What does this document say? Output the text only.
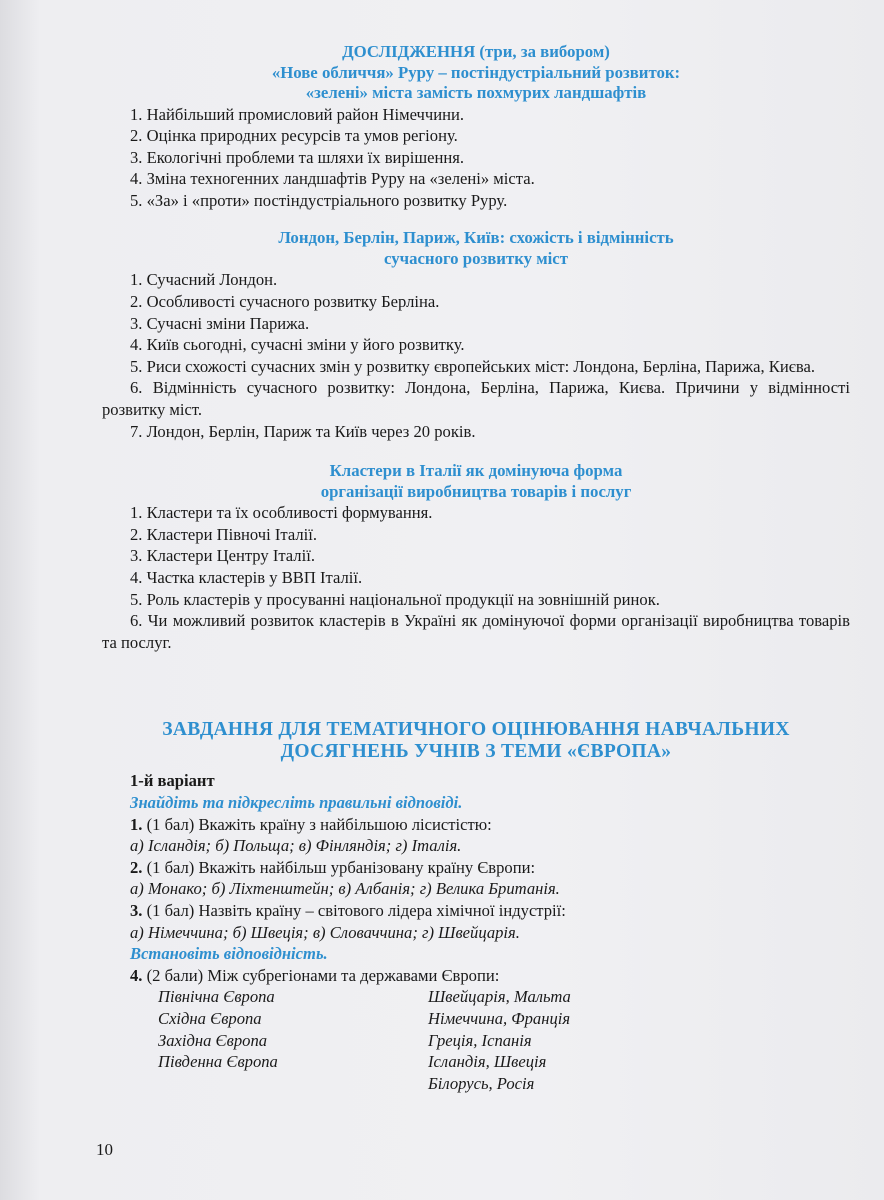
ДОСЛІДЖЕННЯ (три, за вибором)
«Нове обличчя» Руру – постіндустріальний розвиток:
«зелені» міста замість похмурих ландшафтів
1. Найбільший промисловий район Німеччини.
2. Оцінка природних ресурсів та умов регіону.
3. Екологічні проблеми та шляхи їх вирішення.
4. Зміна техногенних ландшафтів Руру на «зелені» міста.
5. «За» і «проти» постіндустріального розвитку Руру.
Лондон, Берлін, Париж, Київ: схожість і відмінність
сучасного розвитку міст
1. Сучасний Лондон.
2. Особливості сучасного розвитку Берліна.
3. Сучасні зміни Парижа.
4. Київ сьогодні, сучасні зміни у його розвитку.
5. Риси схожості сучасних змін у розвитку європейських міст: Лондона, Берліна, Парижа, Києва.
6. Відмінність сучасного розвитку: Лондона, Берліна, Парижа, Києва. Причини у відмінності розвитку міст.
7. Лондон, Берлін, Париж та Київ через 20 років.
Кластери в Італії як домінуюча форма
організації виробництва товарів і послуг
1. Кластери та їх особливості формування.
2. Кластери Півночі Італії.
3. Кластери Центру Італії.
4. Частка кластерів у ВВП Італії.
5. Роль кластерів у просуванні національної продукції на зовнішній ринок.
6. Чи можливий розвиток кластерів в Україні як домінуючої форми організації виробництва товарів та послуг.
ЗАВДАННЯ ДЛЯ ТЕМАТИЧНОГО ОЦІНЮВАННЯ НАВЧАЛЬНИХ
ДОСЯГНЕНЬ УЧНІВ З ТЕМИ «ЄВРОПА»
1-й варіант
Знайдіть та підкресліть правильні відповіді.
1. (1 бал) Вкажіть країну з найбільшою лісистістю:
а) Ісландія; б) Польща; в) Фінляндія; г) Італія.
2. (1 бал) Вкажіть найбільш урбанізовану країну Європи:
а) Монако; б) Ліхтенштейн; в) Албанія; г) Велика Британія.
3. (1 бал) Назвіть країну – світового лідера хімічної індустрії:
а) Німеччина; б) Швеція; в) Словаччина; г) Швейцарія.
Встановіть відповідність.
4. (2 бали) Між субрегіонами та державами Європи:
Північна Європа
Східна Європа
Західна Європа
Південна Європа
Швейцарія, Мальта
Німеччина, Франція
Греція, Іспанія
Ісландія, Швеція
Білорусь, Росія
10
